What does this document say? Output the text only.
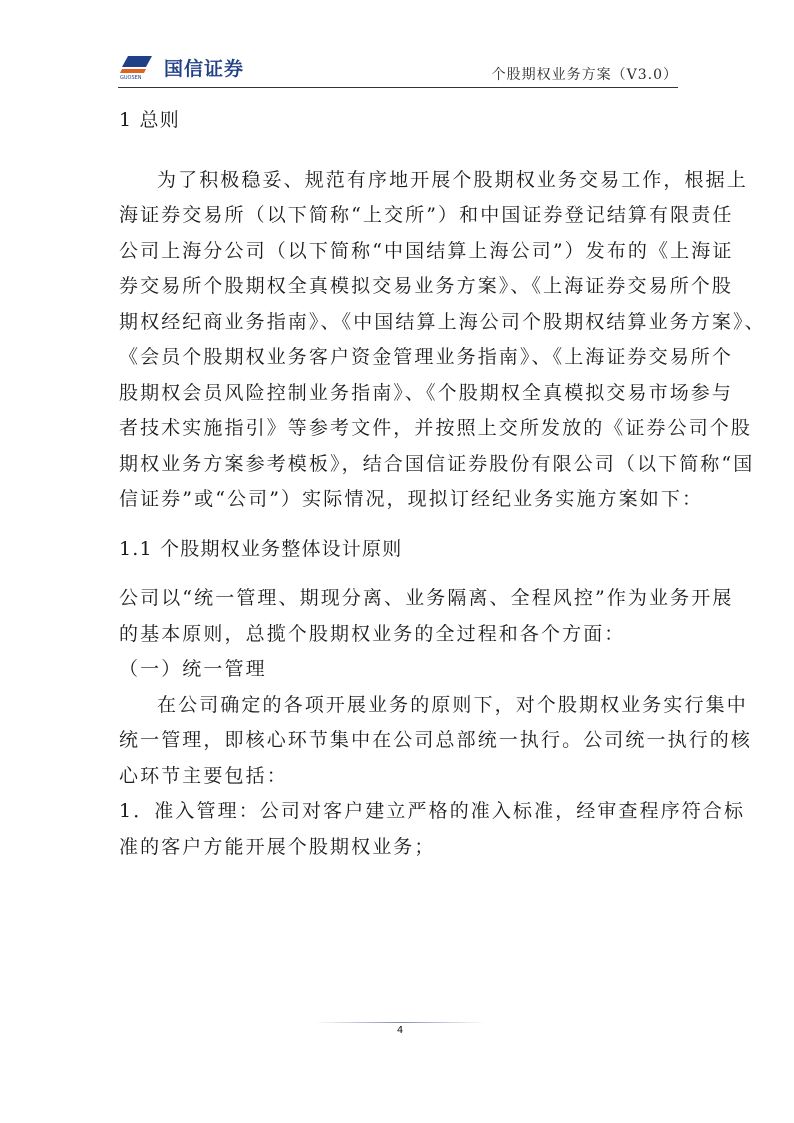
GUOSEN 国信证券	个股期权业务方案（V3.0）
1 总则
为了积极稳妥、规范有序地开展个股期权业务交易工作，根据上
海证券交易所（以下简称“上交所”）和中国证券登记结算有限责任
公司上海分公司（以下简称“中国结算上海公司”）发布的《上海证
券交易所个股期权全真模拟交易业务方案》、《上海证券交易所个股
期权经纪商业务指南》、《中国结算上海公司个股期权结算业务方案》、
《会员个股期权业务客户资金管理业务指南》、《上海证券交易所个
股期权会员风险控制业务指南》、《个股期权全真模拟交易市场参与
者技术实施指引》等参考文件，并按照上交所发放的《证券公司个股
期权业务方案参考模板》，结合国信证券股份有限公司（以下简称“国
信证券”或“公司”）实际情况，现拟订经纪业务实施方案如下：
1.1 个股期权业务整体设计原则
公司以“统一管理、期现分离、业务隔离、全程风控”作为业务开展
的基本原则，总揽个股期权业务的全过程和各个方面：
（一）统一管理
在公司确定的各项开展业务的原则下，对个股期权业务实行集中
统一管理，即核心环节集中在公司总部统一执行。公司统一执行的核
心环节主要包括：
1．准入管理：公司对客户建立严格的准入标准，经审查程序符合标
准的客户方能开展个股期权业务；
4
